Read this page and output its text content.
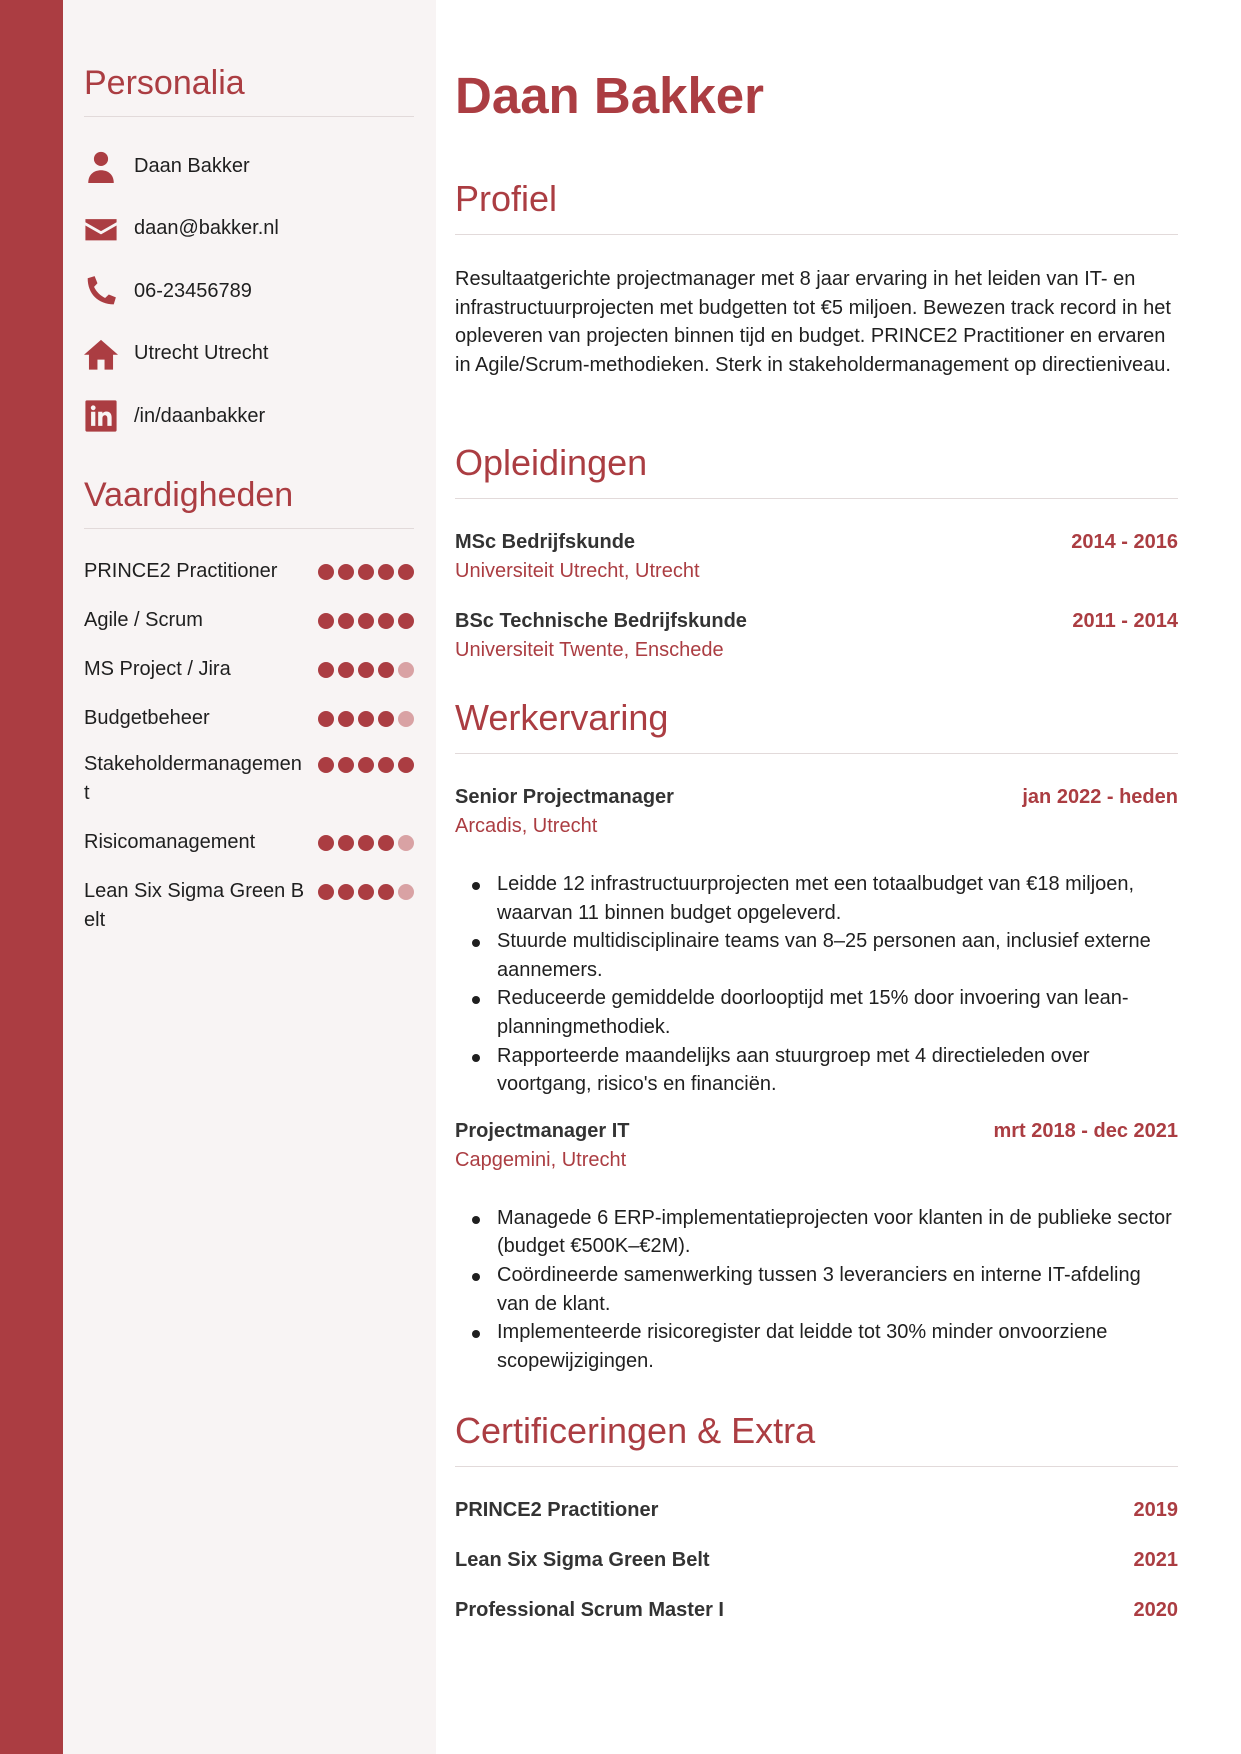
Personalia
Daan Bakker
daan@bakker.nl
06-23456789
Utrecht Utrecht
/in/daanbakker
Vaardigheden
PRINCE2 Practitioner
Agile / Scrum
MS Project / Jira
Budgetbeheer
Stakeholdermanagement
Risicomanagement
Lean Six Sigma Green Belt
Daan Bakker
Profiel

Resultaatgerichte projectmanager met 8 jaar ervaring in het leiden van IT- en infrastructuurprojecten met budgetten tot €5 miljoen. Bewezen track record in het opleveren van projecten binnen tijd en budget. PRINCE2 Practitioner en ervaren in Agile/Scrum-methodieken. Sterk in stakeholdermanagement op directieniveau.

Opleidingen
MSc Bedrijfskunde	2014 - 2016
Universiteit Utrecht, Utrecht
BSc Technische Bedrijfskunde	2011 - 2014
Universiteit Twente, Enschede
Werkervaring
Senior Projectmanager	jan 2022 - heden
Arcadis, Utrecht
Leidde 12 infrastructuurprojecten met een totaalbudget van €18 miljoen, waarvan 11 binnen budget opgeleverd.
Stuurde multidisciplinaire teams van 8–25 personen aan, inclusief externe aannemers.
Reduceerde gemiddelde doorlooptijd met 15% door invoering van lean-planningmethodiek.
Rapporteerde maandelijks aan stuurgroep met 4 directieleden over voortgang, risico's en financiën.
Projectmanager IT	mrt 2018 - dec 2021
Capgemini, Utrecht
Managede 6 ERP-implementatieprojecten voor klanten in de publieke sector (budget €500K–€2M).
Coördineerde samenwerking tussen 3 leveranciers en interne IT-afdeling van de klant.
Implementeerde risicoregister dat leidde tot 30% minder onvoorziene scopewijzigingen.
Certificeringen & Extra
PRINCE2 Practitioner	2019
Lean Six Sigma Green Belt	2021
Professional Scrum Master I	2020
